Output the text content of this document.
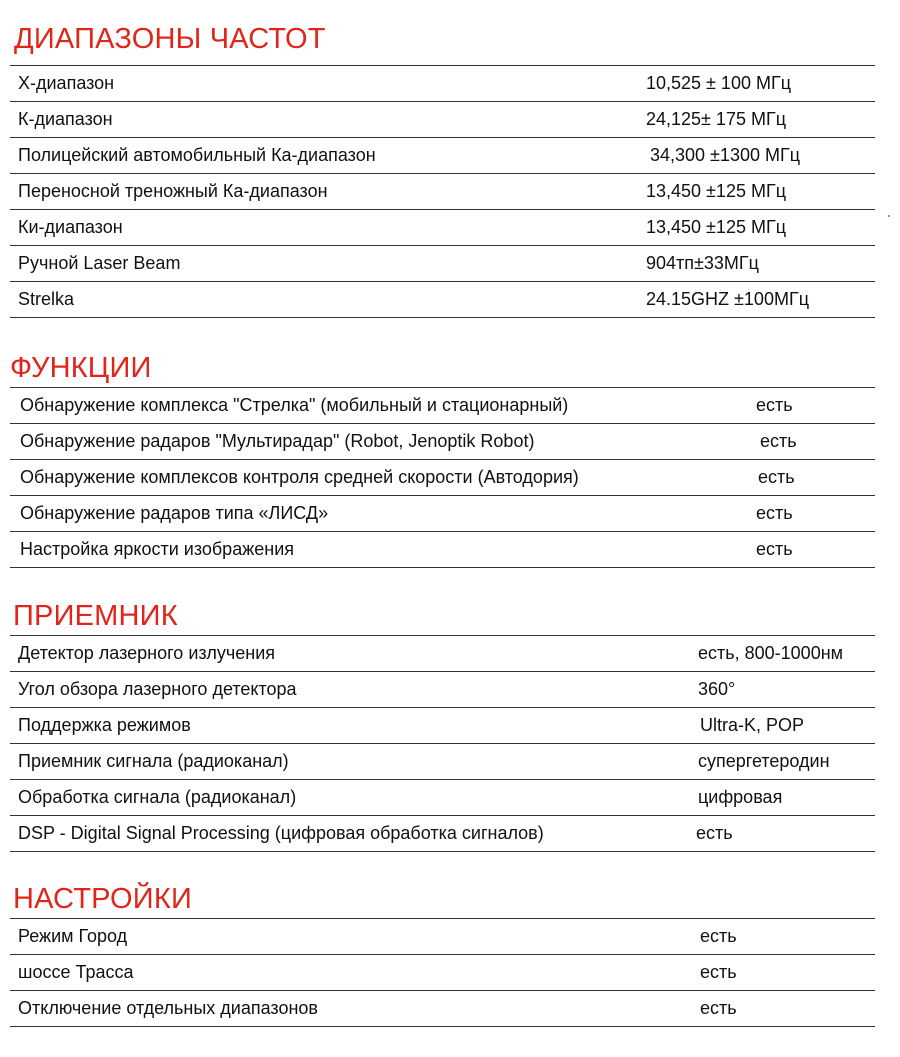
ДИАПАЗОНЫ ЧАСТОТ
X-диапазон	10,525 ± 100 МГц
К-диапазон	24,125± 175 МГц
Полицейский автомобильный Ка-диапазон	34,300 ±1300 МГц
Переносной треножный Ка-диапазон	13,450 ±125 МГц
Ки-диапазон	13,450 ±125 МГц
Ручной Laser Beam	904тп±33МГц
Strelka	24.15GHZ ±100МГц
ФУНКЦИИ
Обнаружение комплекса "Стрелка" (мобильный и стационарный)	есть
Обнаружение радаров "Мультирадар" (Robot, Jenoptik Robot)	есть
Обнаружение комплексов контроля средней скорости (Автодория)	есть
Обнаружение радаров типа «ЛИСД»	есть
Настройка яркости изображения	есть
ПРИЕМНИК
Детектор лазерного излучения	есть, 800-1000нм
Угол обзора лазерного детектора	360°
Поддержка режимов	Ultra-K, POP
Приемник сигнала (радиоканал)	супергетеродин
Обработка сигнала (радиоканал)	цифровая
DSP - Digital Signal Processing (цифровая обработка сигналов)	есть
НАСТРОЙКИ
Режим Город	есть
шоссе Трасса	есть
Отключение отдельных диапазонов	есть
